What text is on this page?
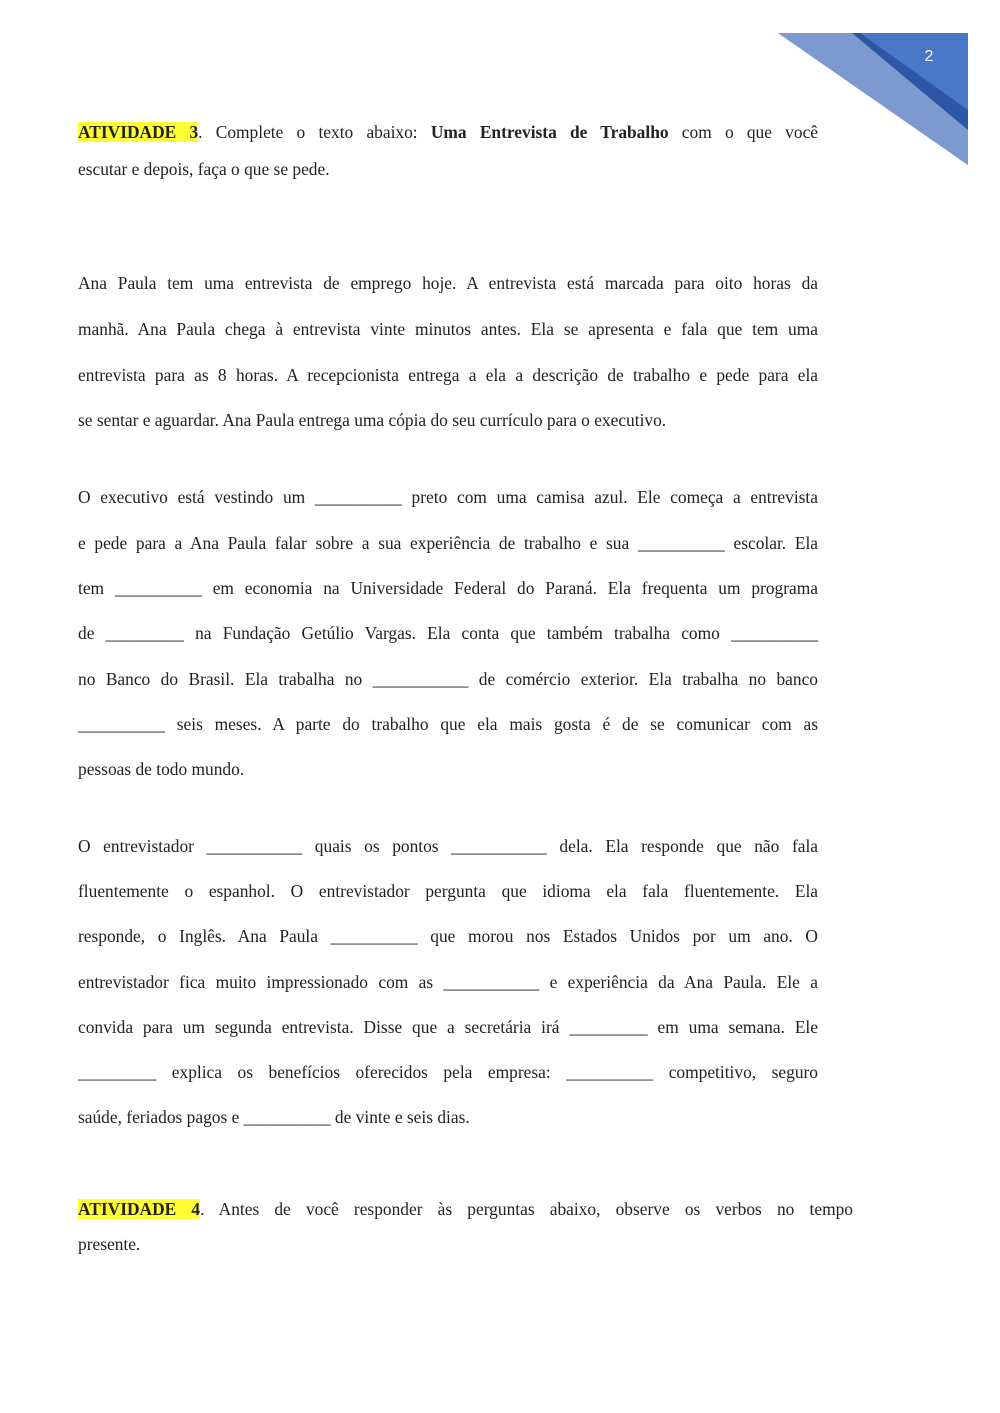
2
ATIVIDADE 3. Complete o texto abaixo: Uma Entrevista de Trabalho com o que você
escutar e depois, faça o que se pede.
Ana Paula tem uma entrevista de emprego hoje. A entrevista está marcada para oito horas da
manhã. Ana Paula chega à entrevista vinte minutos antes. Ela se apresenta e fala que tem uma
entrevista para as 8 horas. A recepcionista entrega a ela a descrição de trabalho e pede para ela
se sentar e aguardar. Ana Paula entrega uma cópia do seu currículo para o executivo.
O executivo está vestindo um __________ preto com uma camisa azul. Ele começa a entrevista
e pede para a Ana Paula falar sobre a sua experiência de trabalho e sua __________ escolar. Ela
tem __________ em economia na Universidade Federal do Paraná. Ela frequenta um programa
de _________ na Fundação Getúlio Vargas. Ela conta que também trabalha como __________
no Banco do Brasil. Ela trabalha no ___________ de comércio exterior. Ela trabalha no banco
__________ seis meses. A parte do trabalho que ela mais gosta é de se comunicar com as
pessoas de todo mundo.
O entrevistador ___________ quais os pontos ___________ dela. Ela responde que não fala
fluentemente o espanhol. O entrevistador pergunta que idioma ela fala fluentemente. Ela
responde, o Inglês. Ana Paula __________ que morou nos Estados Unidos por um ano. O
entrevistador fica muito impressionado com as ___________ e experiência da Ana Paula. Ele a
convida para um segunda entrevista. Disse que a secretária irá _________ em uma semana. Ele
_________ explica os benefícios oferecidos pela empresa: __________ competitivo, seguro
saúde, feriados pagos e __________ de vinte e seis dias.
ATIVIDADE 4. Antes de você responder às perguntas abaixo, observe os verbos no tempo
presente.
